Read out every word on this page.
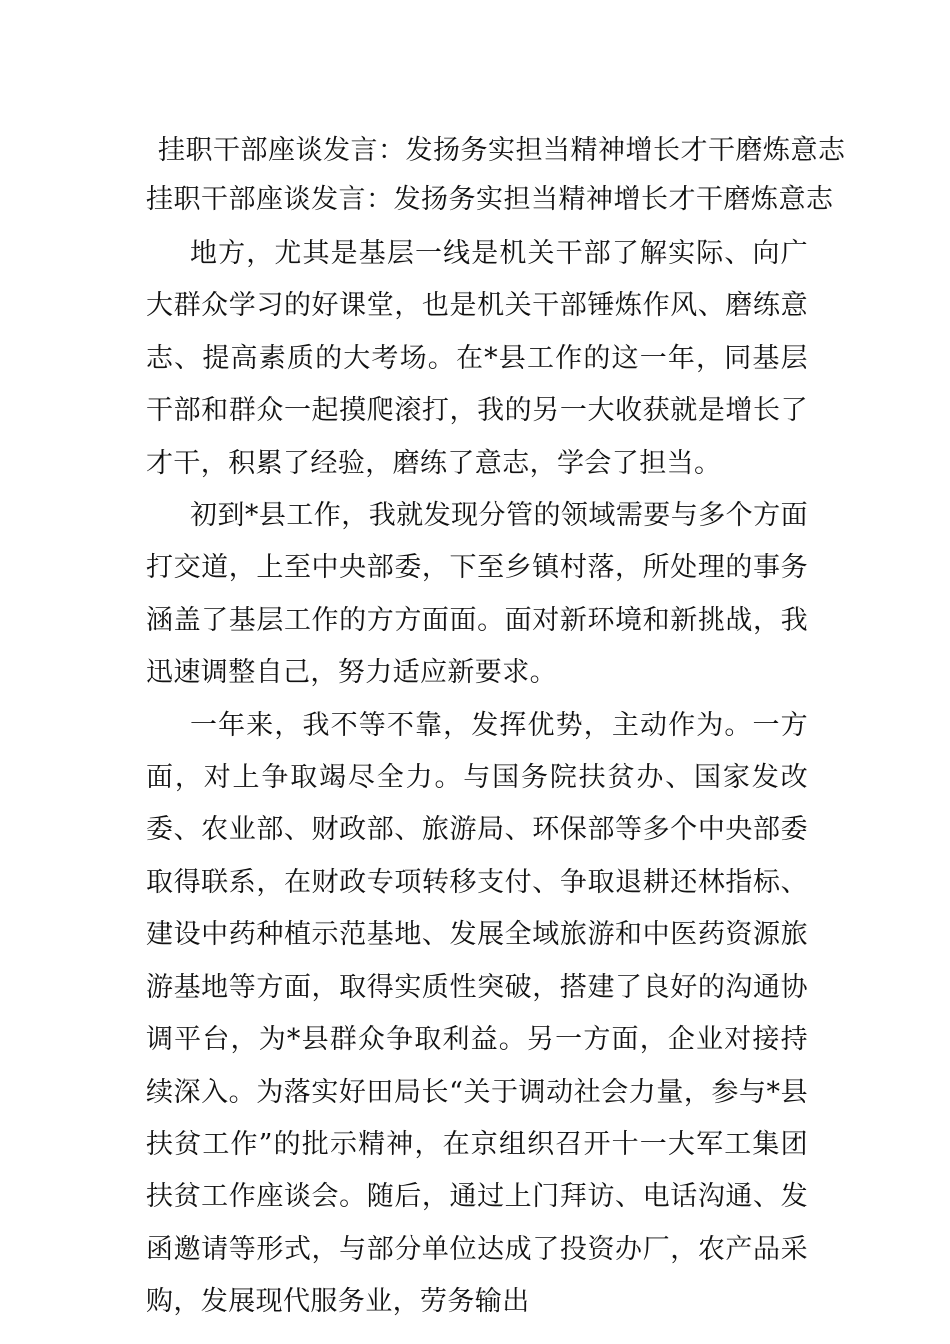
挂职干部座谈发言：发扬务实担当精神增长才干磨炼意志
挂职干部座谈发言：发扬务实担当精神增长才干磨炼意志

地方，尤其是基层一线是机关干部了解实际、向广大群众学习的好课堂，也是机关干部锤炼作风、磨练意志、提高素质的大考场。在*县工作的这一年，同基层干部和群众一起摸爬滚打，我的另一大收获就是增长了才干，积累了经验，磨练了意志，学会了担当。

初到*县工作，我就发现分管的领域需要与多个方面打交道，上至中央部委，下至乡镇村落，所处理的事务涵盖了基层工作的方方面面。面对新环境和新挑战，我迅速调整自己，努力适应新要求。

一年来，我不等不靠，发挥优势，主动作为。一方面，对上争取竭尽全力。与国务院扶贫办、国家发改委、农业部、财政部、旅游局、环保部等多个中央部委取得联系，在财政专项转移支付、争取退耕还林指标、建设中药种植示范基地、发展全域旅游和中医药资源旅游基地等方面，取得实质性突破，搭建了良好的沟通协调平台，为*县群众争取利益。另一方面，企业对接持续深入。为落实好田局长“关于调动社会力量，参与*县扶贫工作”的批示精神，在京组织召开十一大军工集团扶贫工作座谈会。随后，通过上门拜访、电话沟通、发函邀请等形式，与部分单位达成了投资办厂，农产品采购，发展现代服务业，劳务输出
